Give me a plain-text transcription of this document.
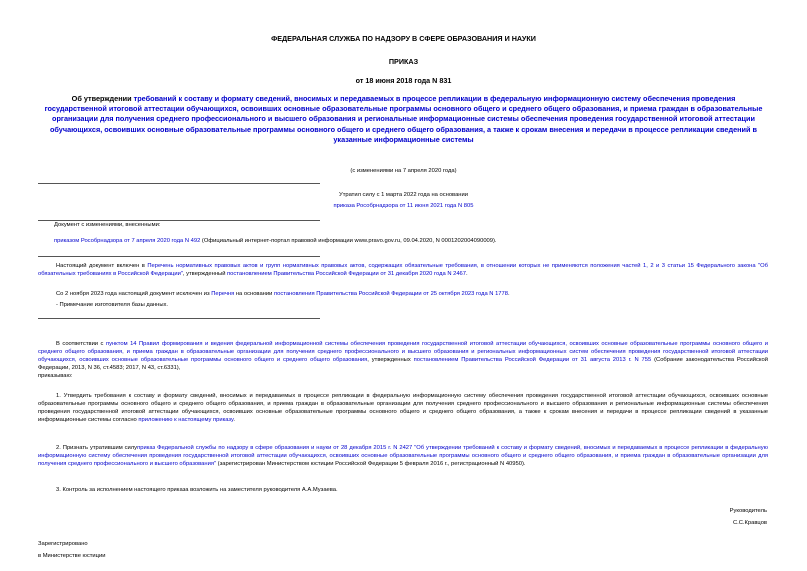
ФЕДЕРАЛЬНАЯ СЛУЖБА ПО НАДЗОРУ В СФЕРЕ ОБРАЗОВАНИЯ И НАУКИ
ПРИКАЗ
от 18 июня 2018 года N 831
Об утверждении требований к составу и формату сведений, вносимых и передаваемых в процессе репликации в федеральную информационную систему обеспечения проведения государственной итоговой аттестации обучающихся, освоивших основные образовательные программы основного общего и среднего общего образования, и приема граждан в образовательные организации для получения среднего профессионального и высшего образования и региональные информационные системы обеспечения проведения государственной итоговой аттестации обучающихся, освоивших основные образовательные программы основного общего и среднего общего образования, а также к срокам внесения и передачи в процессе репликации сведений в указанные информационные системы
(с изменениями на 7 апреля 2020 года)
Утратил силу с 1 марта 2022 года на основании
приказа Рособрнадзора от 11 июня 2021 года N 805
Документ с изменениями, внесенными:
приказом Рособрнадзора от 7 апреля 2020 года N 492 (Официальный интернет-портал правовой информации www.pravo.gov.ru, 09.04.2020, N 0001202004090009).
Настоящий документ включен в Перечень нормативных правовых актов и групп нормативных правовых актов, содержащих обязательные требования, в отношении которых не применяются положения частей 1, 2 и 3 статьи 15 Федерального закона "Об обязательных требованиях в Российской Федерации", утвержденный постановлением Правительства Российской Федерации от 31 декабря 2020 года N 2467.
Со 2 ноября 2023 года настоящий документ исключен из Перечня на основании постановления Правительства Российской Федерации от 25 октября 2023 года N 1778.
- Примечание изготовителя базы данных.
В соответствии с пунктом 14 Правил формирования и ведения федеральной информационной системы обеспечения проведения государственной итоговой аттестации обучающихся, освоивших основные образовательные программы основного общего и среднего общего образования, и приема граждан в образовательные организации для получения среднего профессионального и высшего образования и региональных информационных систем обеспечения проведения государственной итоговой аттестации обучающихся, освоивших основные образовательные программы основного общего и среднего общего образования, утвержденных постановлением Правительства Российской Федерации от 31 августа 2013 г. N 755 (Собрание законодательства Российской Федерации, 2013, N 36, ст.4583; 2017, N 43, ст.6331),
приказываю:
1. Утвердить требования к составу и формату сведений, вносимых и передаваемых в процессе репликации в федеральную информационную систему обеспечения проведения государственной итоговой аттестации обучающихся, освоивших основные образовательные программы основного общего и среднего общего образования, и приема граждан в образовательные организации для получения среднего профессионального и высшего образования и региональные информационные системы обеспечения проведения государственной итоговой аттестации обучающихся, освоивших основные образовательные программы основного общего и среднего общего образования, а также к срокам внесения и передачи в процессе репликации сведений в указанные информационные системы согласно приложению к настоящему приказу.
2. Признать утратившим силуприказ Федеральной службы по надзору в сфере образования и науки от 28 декабря 2015 г. N 2427 "Об утверждении требований к составу и формату сведений, вносимых и передаваемых в процессе репликации в федеральную информационную систему обеспечения проведения государственной итоговой аттестации обучающихся, освоивших основные образовательные программы основного общего и среднего общего образования, и приема граждан в образовательные организации для получения среднего профессионального и высшего образования" (зарегистрирован Министерством юстиции Российской Федерации 5 февраля 2016 г., регистрационный N 40950).
3. Контроль за исполнением настоящего приказа возложить на заместителя руководителя А.А.Музаева.
Руководитель
С.С.Кравцов
Зарегистрировано
в Министерстве юстиции
